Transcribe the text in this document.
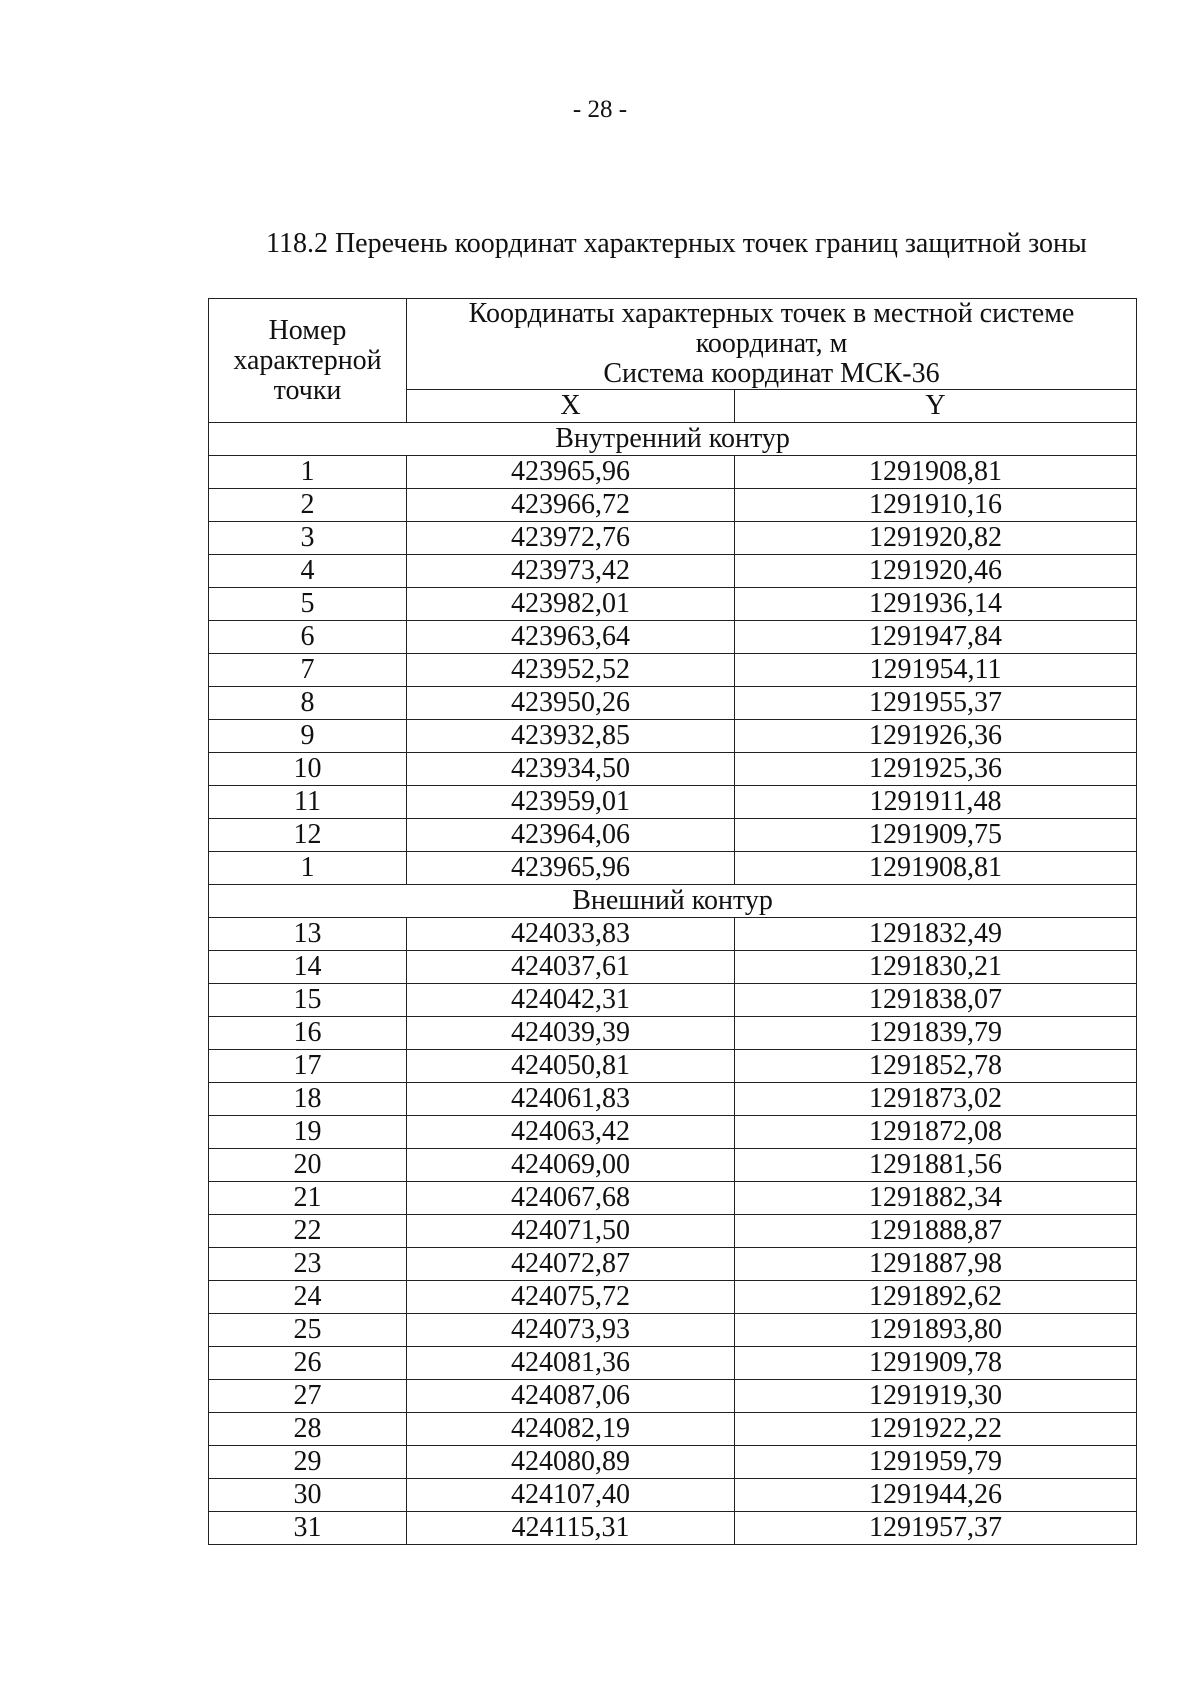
- 28 -
118.2 Перечень координат характерных точек границ защитной зоны
Номер
характерной
точки	Координаты характерных точек в местной системе
координат, м
Система координат МСК-36	

	X	Y
Внутренний контур		
1	423965,96	1291908,81
2	423966,72	1291910,16
3	423972,76	1291920,82
4	423973,42	1291920,46
5	423982,01	1291936,14
6	423963,64	1291947,84
7	423952,52	1291954,11
8	423950,26	1291955,37
9	423932,85	1291926,36
10	423934,50	1291925,36
11	423959,01	1291911,48
12	423964,06	1291909,75
1	423965,96	1291908,81
Внешний контур		
13	424033,83	1291832,49
14	424037,61	1291830,21
15	424042,31	1291838,07
16	424039,39	1291839,79
17	424050,81	1291852,78
18	424061,83	1291873,02
19	424063,42	1291872,08
20	424069,00	1291881,56
21	424067,68	1291882,34
22	424071,50	1291888,87
23	424072,87	1291887,98
24	424075,72	1291892,62
25	424073,93	1291893,80
26	424081,36	1291909,78
27	424087,06	1291919,30
28	424082,19	1291922,22
29	424080,89	1291959,79
30	424107,40	1291944,26
31	424115,31	1291957,37
